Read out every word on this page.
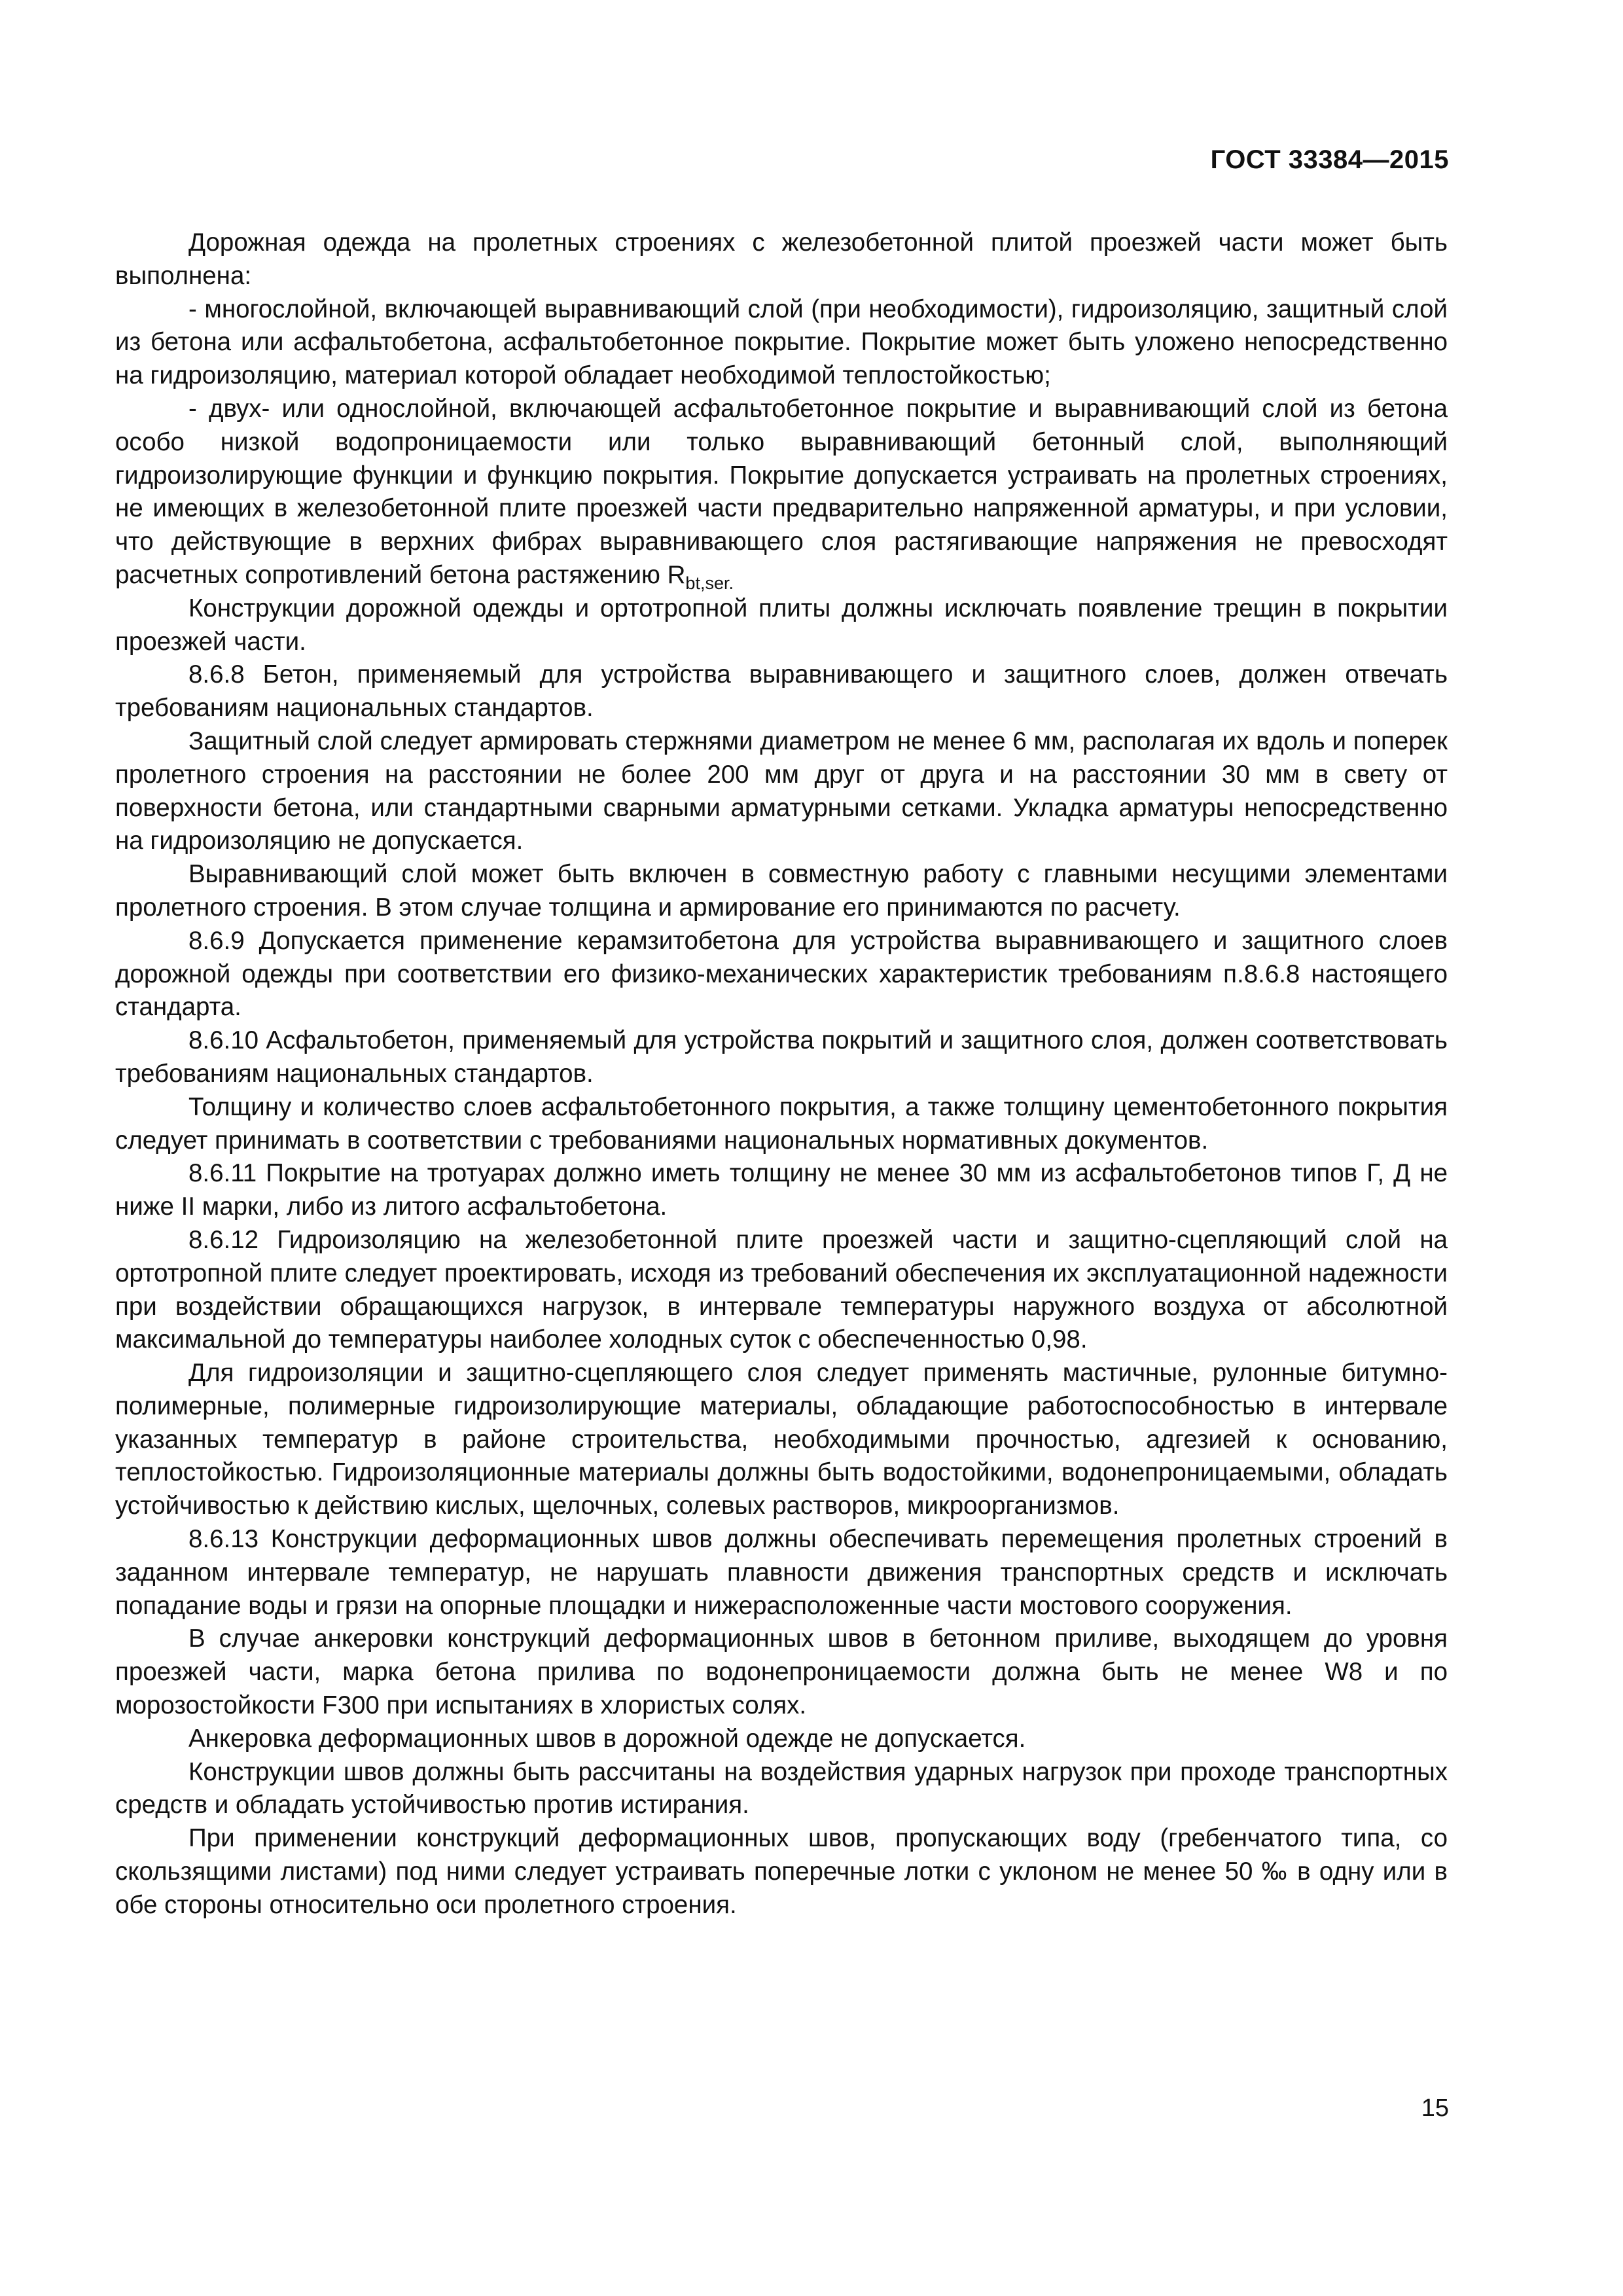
ГОСТ 33384—2015

Дорожная одежда на пролетных строениях с железобетонной плитой проезжей части может быть выполнена:

- многослойной, включающей выравнивающий слой (при необходимости), гидроизоляцию, защитный слой из бетона или асфальтобетона, асфальтобетонное покрытие. Покрытие может быть уложено непосредственно на гидроизоляцию, материал которой обладает необходимой теплостойкостью;

- двух- или однослойной, включающей асфальтобетонное покрытие и выравнивающий слой из бетона особо низкой водопроницаемости или только выравнивающий бетонный слой, выполняющий гидроизолирующие функции и функцию покрытия. Покрытие допускается устраивать на пролетных строениях, не имеющих в железобетонной плите проезжей части предварительно напряженной арматуры, и при условии, что действующие в верхних фибрах выравнивающего слоя растягивающие напряжения не превосходят расчетных сопротивлений бетона растяжению $R_{bt,ser.}$

Конструкции дорожной одежды и ортотропной плиты должны исключать появление трещин в покрытии проезжей части.

8.6.8 Бетон, применяемый для устройства выравнивающего и защитного слоев, должен отвечать требованиям национальных стандартов.

Защитный слой следует армировать стержнями диаметром не менее 6 мм, располагая их вдоль и поперек пролетного строения на расстоянии не более 200 мм друг от друга и на расстоянии 30 мм в свету от поверхности бетона, или стандартными сварными арматурными сетками. Укладка арматуры непосредственно на гидроизоляцию не допускается.

Выравнивающий слой может быть включен в совместную работу с главными несущими элементами пролетного строения. В этом случае толщина и армирование его принимаются по расчету.

8.6.9 Допускается применение керамзитобетона для устройства выравнивающего и защитного слоев дорожной одежды при соответствии его физико-механических характеристик требованиям п.8.6.8 настоящего стандарта.

8.6.10 Асфальтобетон, применяемый для устройства покрытий и защитного слоя, должен соответствовать требованиям национальных стандартов.

Толщину и количество слоев асфальтобетонного покрытия, а также толщину цементобетонного покрытия следует принимать в соответствии с требованиями национальных нормативных документов.

8.6.11 Покрытие на тротуарах должно иметь толщину не менее 30 мм из асфальтобетонов типов Г, Д не ниже II марки, либо из литого асфальтобетона.

8.6.12 Гидроизоляцию на железобетонной плите проезжей части и защитно-сцепляющий слой на ортотропной плите следует проектировать, исходя из требований обеспечения их эксплуатационной надежности при воздействии обращающихся нагрузок, в интервале температуры наружного воздуха от абсолютной максимальной до температуры наиболее холодных суток с обеспеченностью 0,98.

Для гидроизоляции и защитно-сцепляющего слоя следует применять мастичные, рулонные битумно-полимерные, полимерные гидроизолирующие материалы, обладающие работоспособностью в интервале указанных температур в районе строительства, необходимыми прочностью, адгезией к основанию, теплостойкостью. Гидроизоляционные материалы должны быть водостойкими, водонепроницаемыми, обладать устойчивостью к действию кислых, щелочных, солевых растворов, микроорганизмов.

8.6.13 Конструкции деформационных швов должны обеспечивать перемещения пролетных строений в заданном интервале температур, не нарушать плавности движения транспортных средств и исключать попадание воды и грязи на опорные площадки и нижерасположенные части мостового сооружения.

В случае анкеровки конструкций деформационных швов в бетонном приливе, выходящем до уровня проезжей части, марка бетона прилива по водонепроницаемости должна быть не менее W8 и по морозостойкости F300 при испытаниях в хлористых солях.

Анкеровка деформационных швов в дорожной одежде не допускается.

Конструкции швов должны быть рассчитаны на воздействия ударных нагрузок при проходе транспортных средств и обладать устойчивостью против истирания.

При применении конструкций деформационных швов, пропускающих воду (гребенчатого типа, со скользящими листами) под ними следует устраивать поперечные лотки с уклоном не менее 50 ‰ в одну или в обе стороны относительно оси пролетного строения.

15
